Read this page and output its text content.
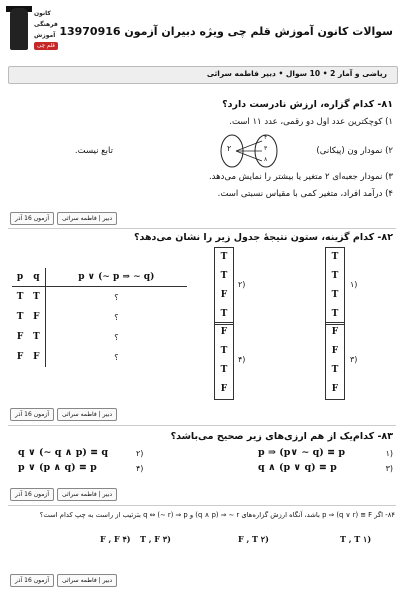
کانون
فرهنگی
آموزش
قلم چی
سوالات کانون آموزش قلم چی ویژه دبیران آزمون 13970916
ریاضی و آمار 2 • 10 سوال • دبیر فاطمه سراثی
۸۱- کدام گزاره، ارزش نادرست دارد؟
۱) کوچکترین عدد اول دو رقمی، عدد ۱۱ است.
۲) نمودار ون (پیکانی)
۲
۴
۳
۸
تابع نیست.
۳) نمودار جعبه‌ای ۲ متغیر یا بیشتر را نمایش می‌دهد.
۴) درآمد افراد، متغیر کمی با مقیاس نسبتی است.
آزمون 16 آذر	دبیر | فاطمه سراثی
۸۲- کدام گزینه، ستون نتیجهٔ جدول زیر را نشان می‌دهد؟
p	q	p ∨ (∼ p ⇒ ∼ q)
T	T	؟
T	F	؟
F	T	؟
F	F	؟
T
T
F
T
۲)
T
T
T
T
۱)
F
T
T
F
۴)
F
F
T
F
۳)
آزمون 16 آذر	دبیر | فاطمه سراثی
۸۳- کدام‌یک از هم ارزی‌های زیر صحیح می‌باشد؟
۱)
p ⇒ (p∨ ∼ q) ≡ p
۲)
q ∨ (∼ q ∧ p) ≡ q
۳)
q ∧ (p ∨ q) ≡ p
۴)
p ∨ (p ∧ q) ≡ p
آزمون 16 آذر	دبیر | فاطمه سراثی
۸۴- اگر p ⇒ (q ∨ r) ≡ F باشد، آنگاه ارزش گزاره‌های q ∧ p) ⇒ ∼ r) و q ⇔ (∼ r) ⇒ p بترتیب از راست به چپ کدام است؟
T , T ۱)
F , T ۲)
T , F ۳)
F , F ۴)
آزمون 16 آذر	دبیر | فاطمه سراثی
